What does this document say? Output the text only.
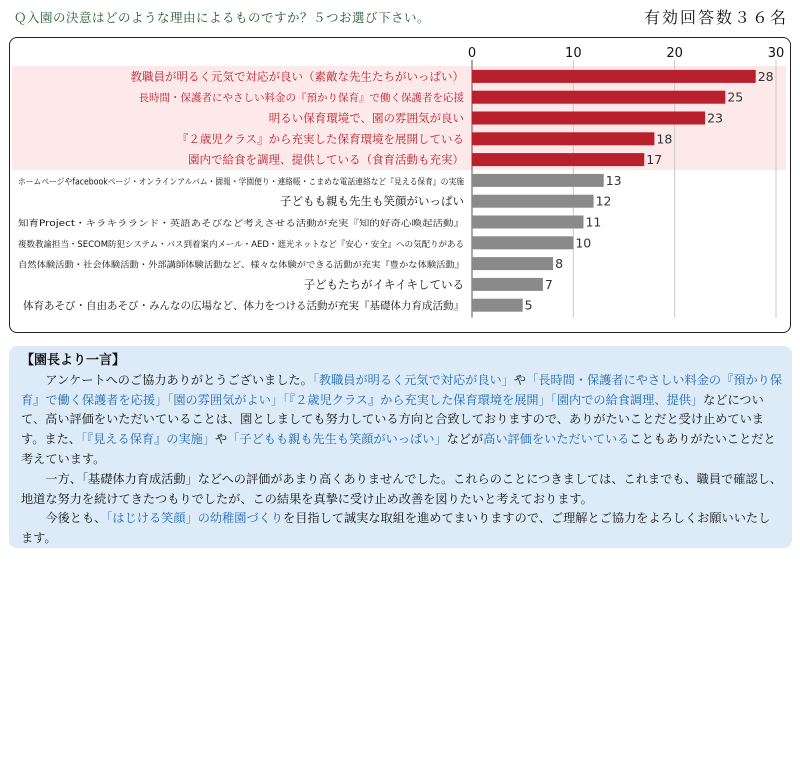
Ｑ入園の決意はどのような理由によるものですか？５つお選び下さい。	有効回答数３６名
0	10	20	30
28
教職員が明るく元気で対応が良い（素敵な先生たちがいっぱい）
25
長時間・保護者にやさしい料金の『預かり保育』で働く保護者を応援
23
明るい保育環境で、園の雰囲気が良い
18
『２歳児クラス』から充実した保育環境を展開している
17
園内で給食を調理、提供している（食育活動も充実）
13
ホームページやfacebookページ・オンラインアルバム・園報・学園便り・連絡帳・こまめな電話連絡など『見える保育』の実施
12
子どもも親も先生も笑顔がいっぱい
11
知育Project・キラキラランド・英語あそびなど考えさせる活動が充実『知的好奇心喚起活動』
10
複数教諭担当・SECOM防犯システム・バス到着案内メール・AED・遮光ネットなど『安心・安全』への気配りがある
8
自然体験活動・社会体験活動・外部講師体験活動など、様々な体験ができる活動が充実『豊かな体験活動』
7
子どもたちがイキイキしている
5
体育あそび・自由あそび・みんなの広場など、体力をつける活動が充実『基礎体力育成活動』
【園長より一言】

アンケートへのご協力ありがとうございました。「教職員が明るく元気で対応が良い」や「長時間・保護者にやさしい料金の『預かり保育』で働く保護者を応援」「園の雰囲気がよい」「『２歳児クラス』から充実した保育環境を展開」「園内での給食調理、提供」などについて、高い評価をいただいていることは、園としましても努力している方向と合致しておりますので、ありがたいことだと受け止めています。また、「『見える保育』の実施」や「子どもも親も先生も笑顔がいっぱい」などが高い評価をいただいていることもありがたいことだと考えています。

一方、「基礎体力育成活動」などへの評価があまり高くありませんでした。これらのことにつきましては、これまでも、職員で確認し、地道な努力を続けてきたつもりでしたが、この結果を真摯に受け止め改善を図りたいと考えております。

今後とも、「はじける笑顔」の幼稚園づくりを目指して誠実な取組を進めてまいりますので、ご理解とご協力をよろしくお願いいたします。
